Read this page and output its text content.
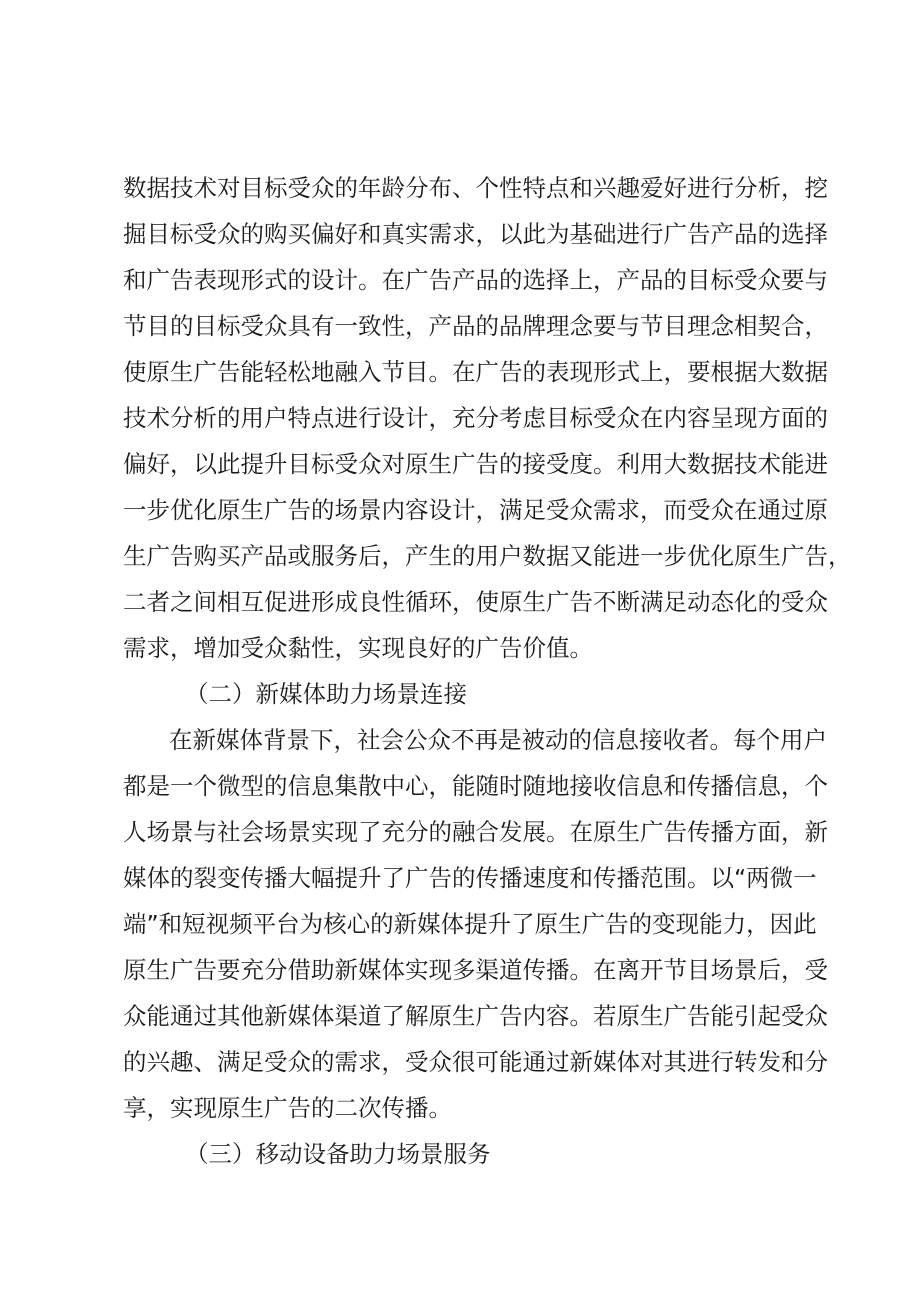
数据技术对目标受众的年龄分布、个性特点和兴趣爱好进行分析，挖
掘目标受众的购买偏好和真实需求，以此为基础进行广告产品的选择
和广告表现形式的设计。在广告产品的选择上，产品的目标受众要与
节目的目标受众具有一致性，产品的品牌理念要与节目理念相契合，
使原生广告能轻松地融入节目。在广告的表现形式上，要根据大数据
技术分析的用户特点进行设计，充分考虑目标受众在内容呈现方面的
偏好，以此提升目标受众对原生广告的接受度。利用大数据技术能进
一步优化原生广告的场景内容设计，满足受众需求，而受众在通过原
生广告购买产品或服务后，产生的用户数据又能进一步优化原生广告，
二者之间相互促进形成良性循环，使原生广告不断满足动态化的受众
需求，增加受众黏性，实现良好的广告价值。
（二）新媒体助力场景连接
在新媒体背景下，社会公众不再是被动的信息接收者。每个用户
都是一个微型的信息集散中心，能随时随地接收信息和传播信息，个
人场景与社会场景实现了充分的融合发展。在原生广告传播方面，新
媒体的裂变传播大幅提升了广告的传播速度和传播范围。以“两微一
端”和短视频平台为核心的新媒体提升了原生广告的变现能力，因此
原生广告要充分借助新媒体实现多渠道传播。在离开节目场景后，受
众能通过其他新媒体渠道了解原生广告内容。若原生广告能引起受众
的兴趣、满足受众的需求，受众很可能通过新媒体对其进行转发和分
享，实现原生广告的二次传播。
（三）移动设备助力场景服务
